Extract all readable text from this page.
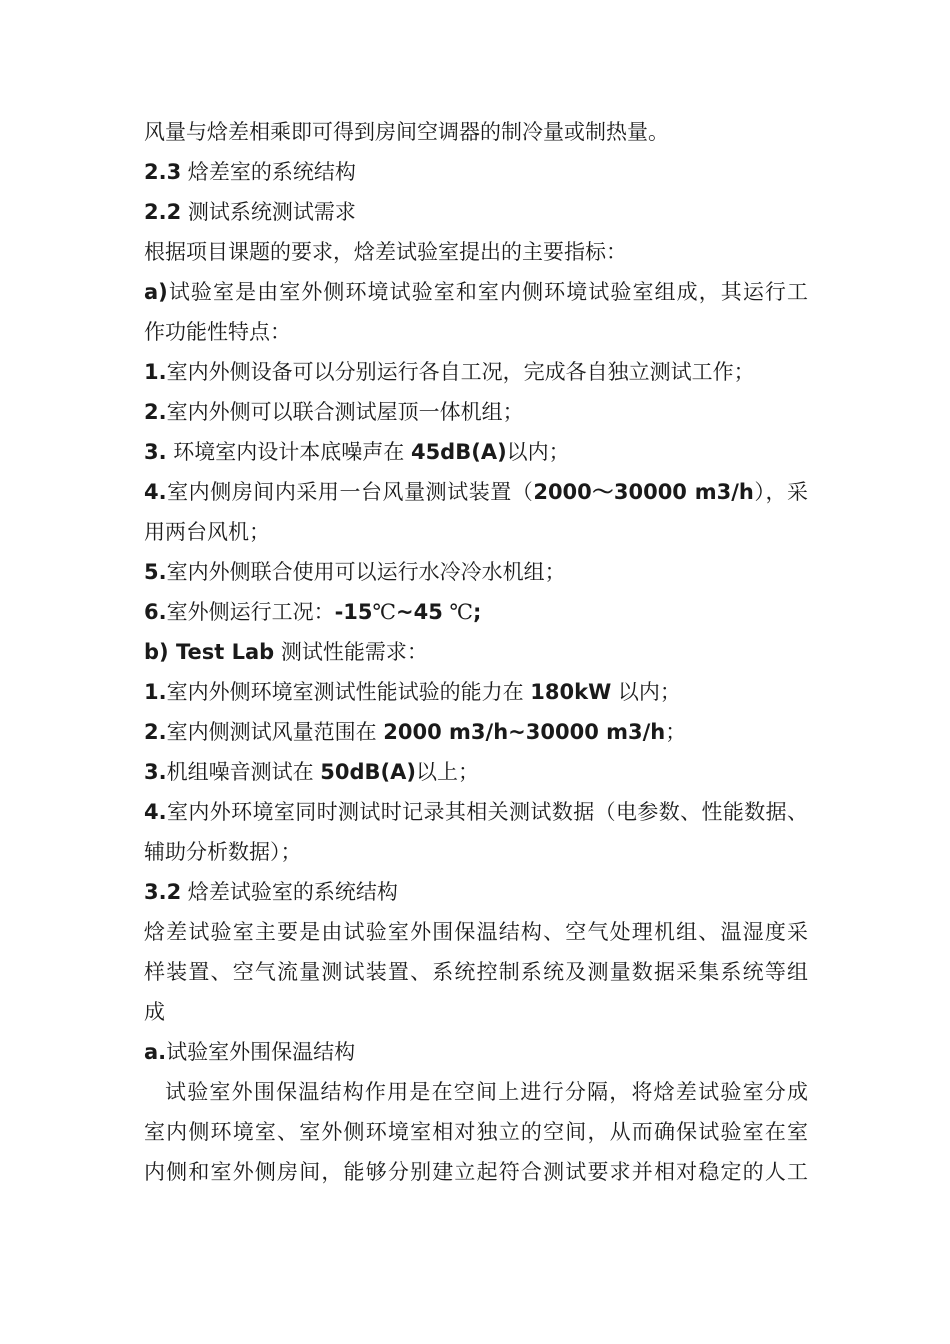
风量与焓差相乘即可得到房间空调器的制冷量或制热量。
2.3 焓差室的系统结构
2.2 测试系统测试需求
根据项目课题的要求，焓差试验室提出的主要指标：
a)试验室是由室外侧环境试验室和室内侧环境试验室组成，其运行工
作功能性特点：
1.室内外侧设备可以分别运行各自工况，完成各自独立测试工作；
2.室内外侧可以联合测试屋顶一体机组；
3. 环境室内设计本底噪声在 45dB(A)以内；
4.室内侧房间内采用一台风量测试装置（2000～30000 m3/h），采
用两台风机；
5.室内外侧联合使用可以运行水冷冷水机组；
6.室外侧运行工况：-15℃~45 ℃;
b) Test Lab 测试性能需求：
1.室内外侧环境室测试性能试验的能力在 180kW 以内；
2.室内侧测试风量范围在 2000 m3/h~30000 m3/h；
3.机组噪音测试在 50dB(A)以上；
4.室内外环境室同时测试时记录其相关测试数据（电参数、性能数据、
辅助分析数据）；
3.2 焓差试验室的系统结构
焓差试验室主要是由试验室外围保温结构、空气处理机组、温湿度采
样装置、空气流量测试装置、系统控制系统及测量数据采集系统等组
成
a.试验室外围保温结构
试验室外围保温结构作用是在空间上进行分隔，将焓差试验室分成
室内侧环境室、室外侧环境室相对独立的空间，从而确保试验室在室
内侧和室外侧房间，能够分别建立起符合测试要求并相对稳定的人工
